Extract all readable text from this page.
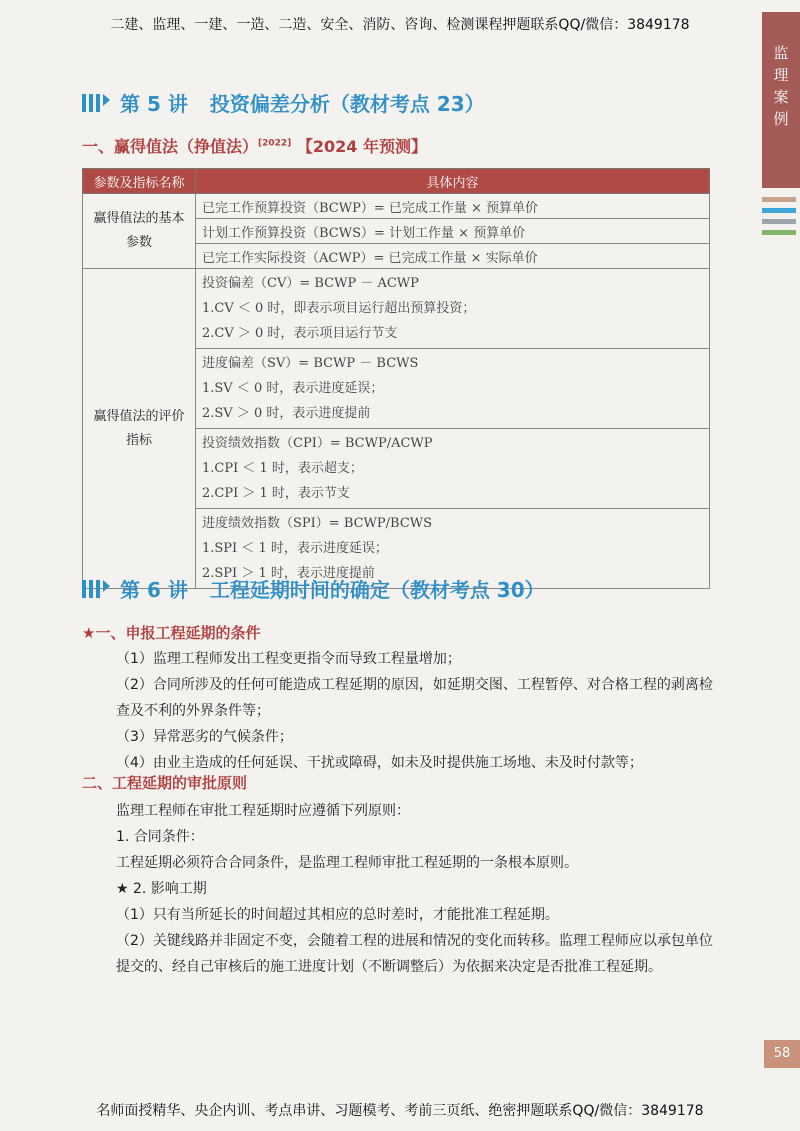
二建、监理、一建、一造、二造、安全、消防、咨询、检测课程押题联系QQ/微信：3849178
监
理
案
例
第 5 讲 投资偏差分析（教材考点 23）
一、赢得值法（挣值法）[2022] 【2024 年预测】
参数及指标名称	具体内容
赢得值法的基本参数	已完工作预算投资（BCWP）= 已完成工作量 × 预算单价
	计划工作预算投资（BCWS）= 计划工作量 × 预算单价
	已完工作实际投资（ACWP）= 已完成工作量 × 实际单价
赢得值法的评价指标	投资偏差（CV）= BCWP － ACWP
1.CV ＜ 0 时，即表示项目运行超出预算投资；
2.CV ＞ 0 时，表示项目运行节支

	进度偏差（SV）= BCWP － BCWS
1.SV ＜ 0 时，表示进度延误；
2.SV ＞ 0 时，表示进度提前

	投资绩效指数（CPI）= BCWP/ACWP
1.CPI ＜ 1 时，表示超支；
2.CPI ＞ 1 时，表示节支

	进度绩效指数（SPI）= BCWP/BCWS
1.SPI ＜ 1 时，表示进度延误；
2.SPI ＞ 1 时，表示进度提前
第 6 讲 工程延期时间的确定（教材考点 30）
★一、申报工程延期的条件
（1）监理工程师发出工程变更指令而导致工程量增加；
（2）合同所涉及的任何可能造成工程延期的原因，如延期交图、工程暂停、对合格工程的剥离检查及不利的外界条件等；
（3）异常恶劣的气候条件；
（4）由业主造成的任何延误、干扰或障碍，如未及时提供施工场地、未及时付款等；
二、工程延期的审批原则
监理工程师在审批工程延期时应遵循下列原则：
1. 合同条件：
工程延期必须符合合同条件，是监理工程师审批工程延期的一条根本原则。
★ 2. 影响工期
（1）只有当所延长的时间超过其相应的总时差时，才能批准工程延期。
（2）关键线路并非固定不变，会随着工程的进展和情况的变化而转移。监理工程师应以承包单位提交的、经自己审核后的施工进度计划（不断调整后）为依据来决定是否批准工程延期。
58
名师面授精华、央企内训、考点串讲、习题模考、考前三页纸、绝密押题联系QQ/微信：3849178
